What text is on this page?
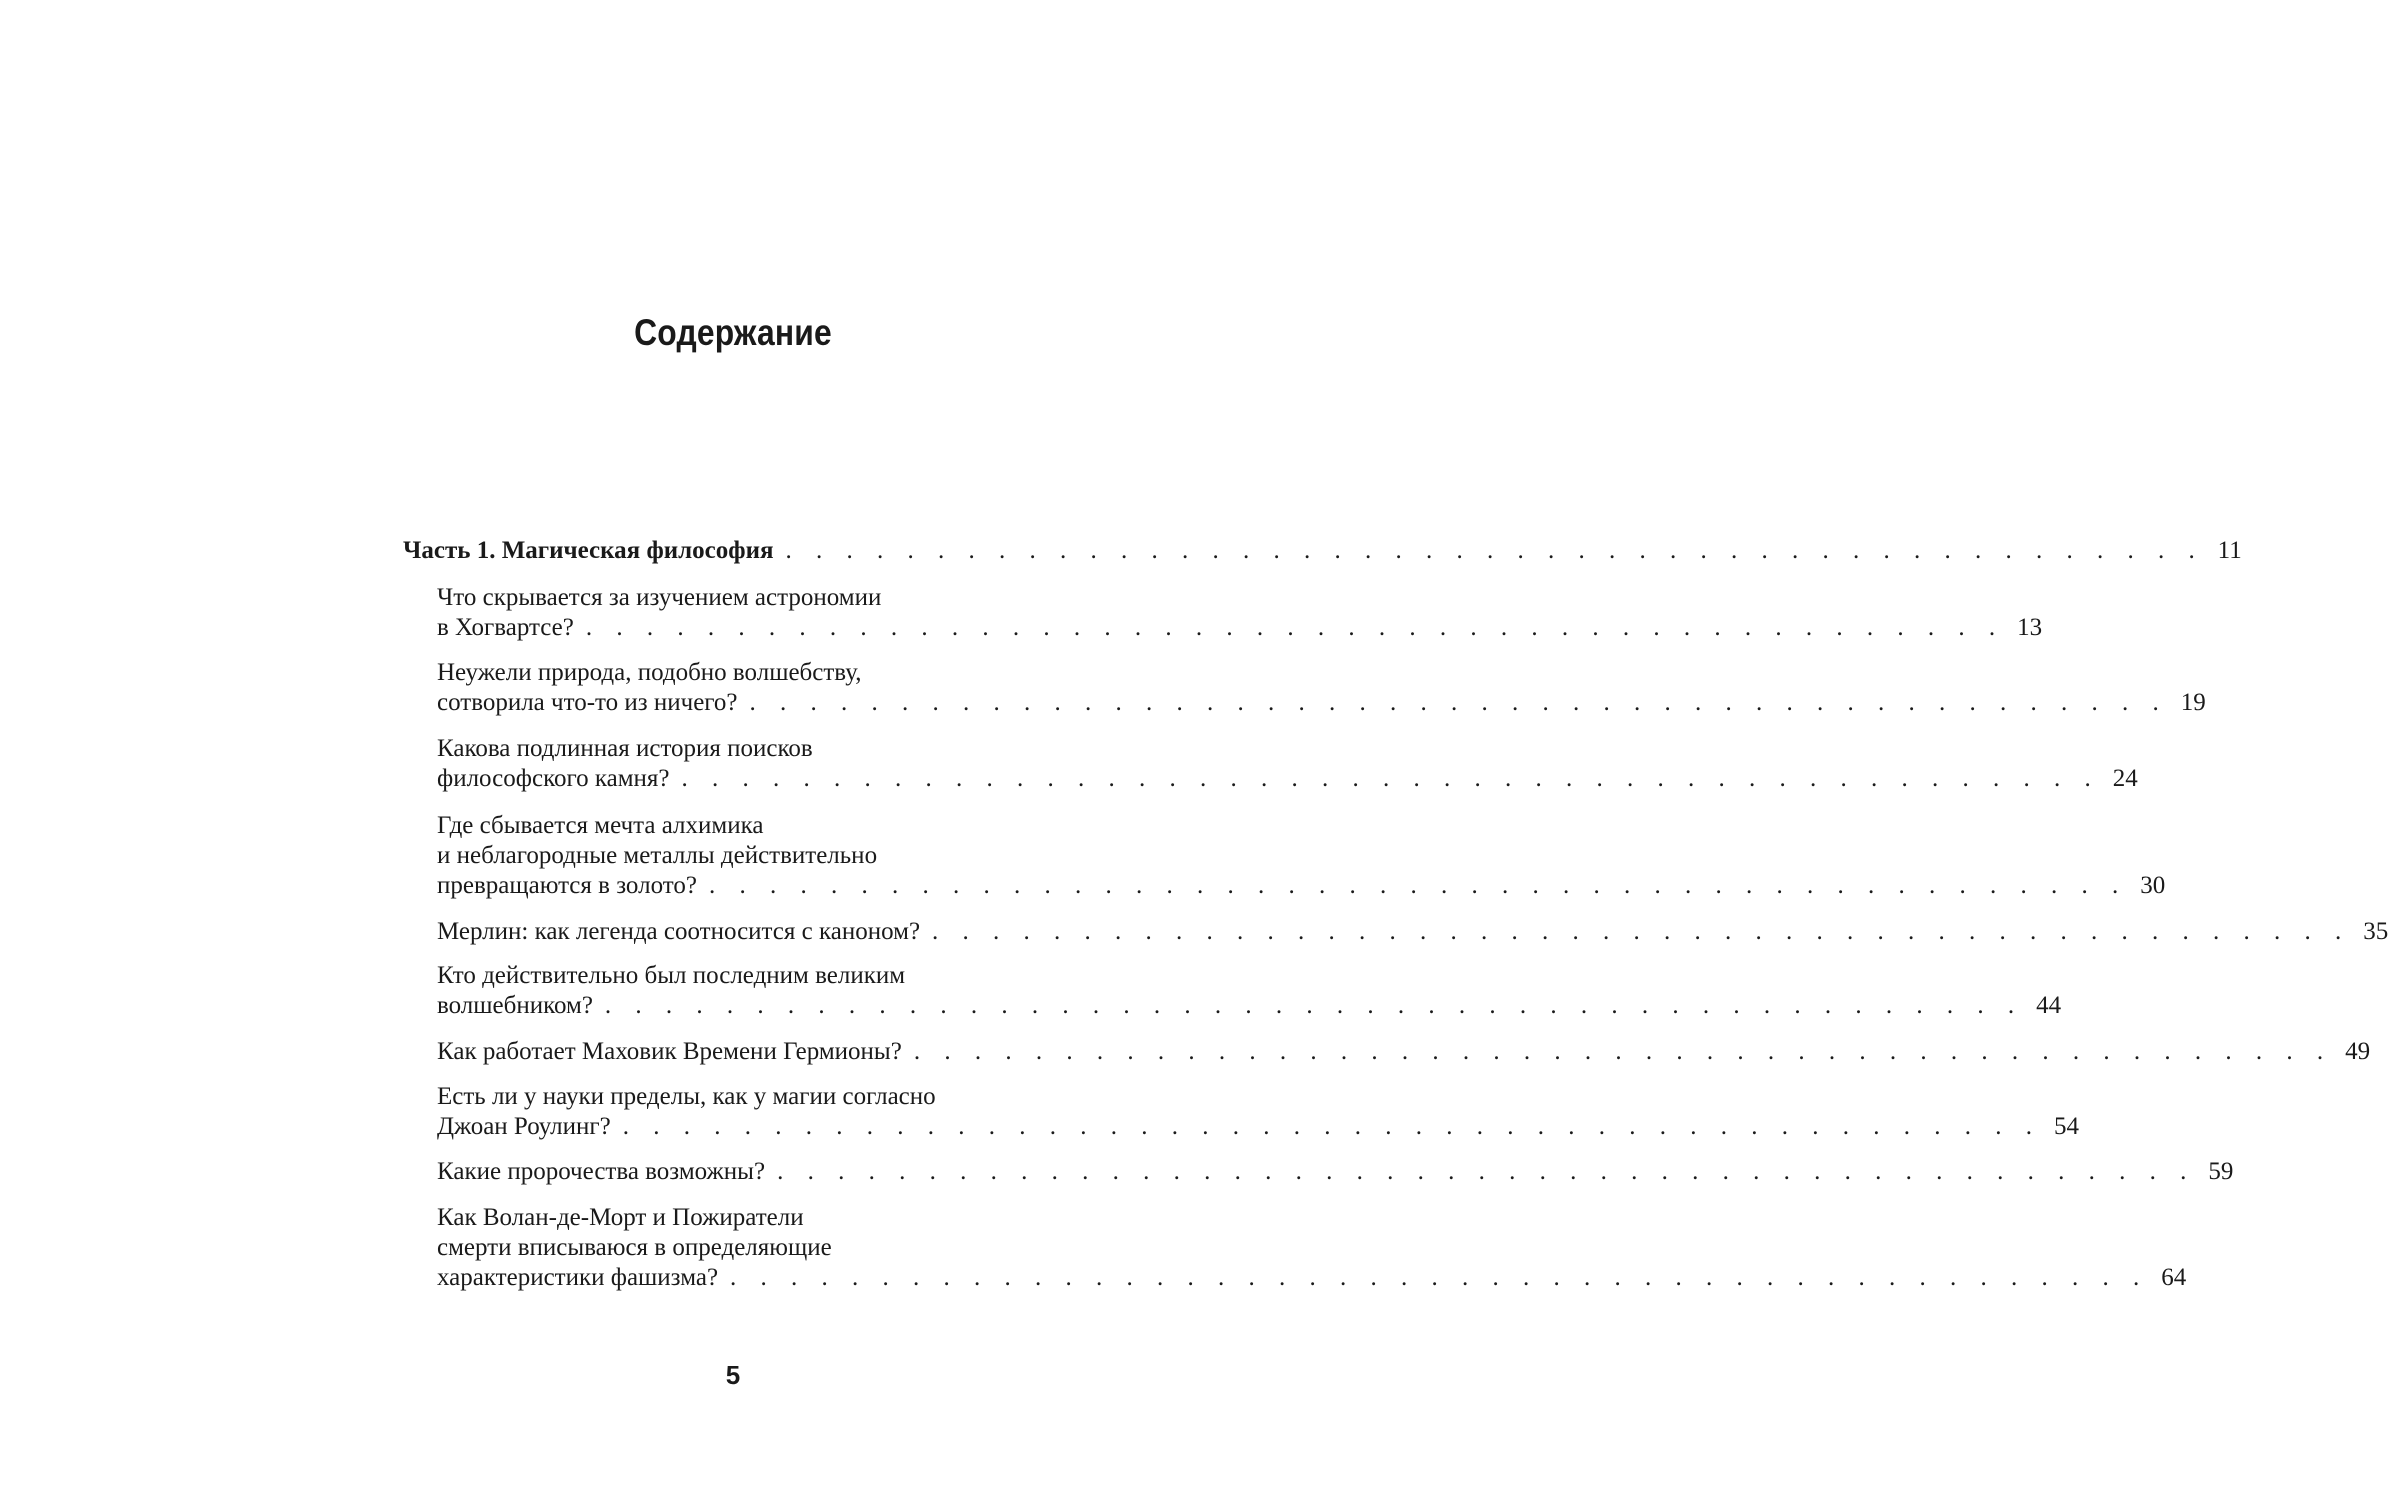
Содержание
Часть 1. Магическая философия . . . . . . . . . . . . . . . . . . . . . . . . . . . . . . . . . . . . . . . . . . . . . . . 11
Что скрывается за изучением астрономии
в Хогвартсе? . . . . . . . . . . . . . . . . . . . . . . . . . . . . . . . . . . . . . . . . . . . . . . . 13
Неужели природа, подобно волшебству,
сотворила что-то из ничего? . . . . . . . . . . . . . . . . . . . . . . . . . . . . . . . . . . . . . . . . . . . . . . . 19
Какова подлинная история поисков
философского камня? . . . . . . . . . . . . . . . . . . . . . . . . . . . . . . . . . . . . . . . . . . . . . . . 24
Где сбывается мечта алхимика
и неблагородные металлы действительно
превращаются в золото? . . . . . . . . . . . . . . . . . . . . . . . . . . . . . . . . . . . . . . . . . . . . . . . 30
Мерлин: как легенда соотносится с каноном? . . . . . . . . . . . . . . . . . . . . . . . . . . . . . . . . . . . . . . . . . . . . . . . 35
Кто действительно был последним великим
волшебником? . . . . . . . . . . . . . . . . . . . . . . . . . . . . . . . . . . . . . . . . . . . . . . . 44
Как работает Маховик Времени Гермионы? . . . . . . . . . . . . . . . . . . . . . . . . . . . . . . . . . . . . . . . . . . . . . . . 49
Есть ли у науки пределы, как у магии согласно
Джоан Роулинг? . . . . . . . . . . . . . . . . . . . . . . . . . . . . . . . . . . . . . . . . . . . . . . . 54
Какие пророчества возможны? . . . . . . . . . . . . . . . . . . . . . . . . . . . . . . . . . . . . . . . . . . . . . . . 59
Как Волан-де-Морт и Пожиратели
смерти вписываюся в определяющие
характеристики фашизма? . . . . . . . . . . . . . . . . . . . . . . . . . . . . . . . . . . . . . . . . . . . . . . . 64
5
